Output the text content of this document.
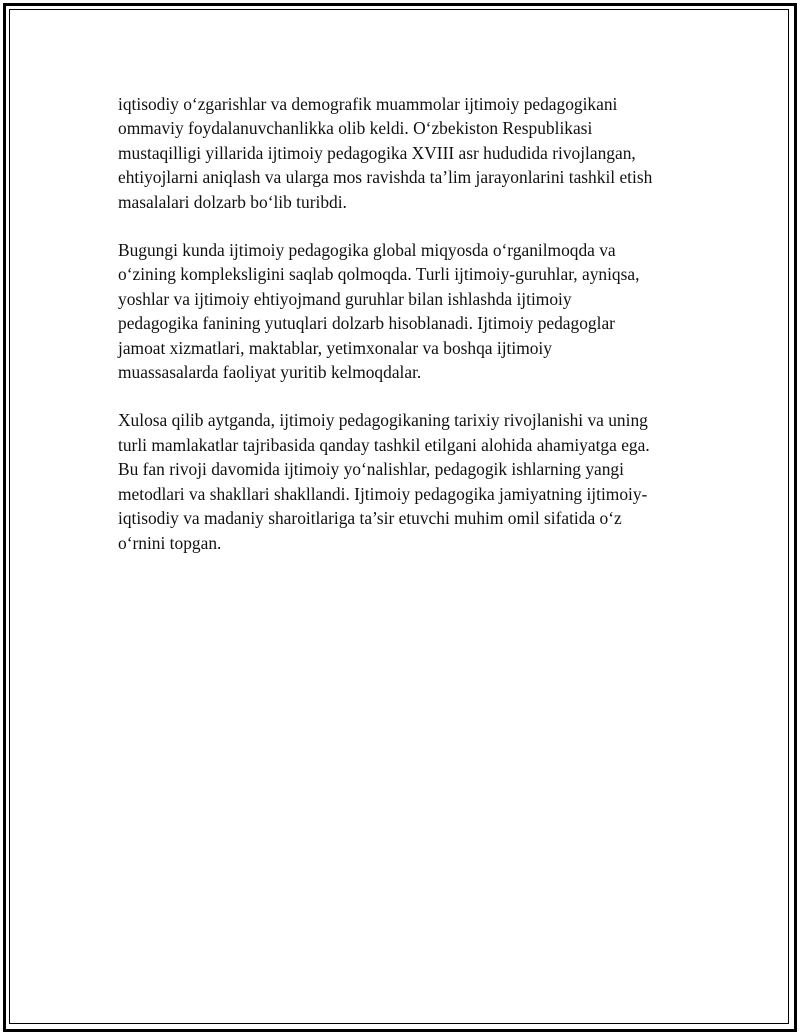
iqtisodiy o‘zgarishlar va demografik muammolar ijtimoiy pedagogikani
ommaviy foydalanuvchanlikka olib keldi. O‘zbekiston Respublikasi
mustaqilligi yillarida ijtimoiy pedagogika XVIII asr hududida rivojlangan,
ehtiyojlarni aniqlash va ularga mos ravishda ta’lim jarayonlarini tashkil etish
masalalari dolzarb bo‘lib turibdi.

Bugungi kunda ijtimoiy pedagogika global miqyosda o‘rganilmoqda va
o‘zining kompleksligini saqlab qolmoqda. Turli ijtimoiy-guruhlar, ayniqsa,
yoshlar va ijtimoiy ehtiyojmand guruhlar bilan ishlashda ijtimoiy
pedagogika fanining yutuqlari dolzarb hisoblanadi. Ijtimoiy pedagoglar
jamoat xizmatlari, maktablar, yetimxonalar va boshqa ijtimoiy
muassasalarda faoliyat yuritib kelmoqdalar.

Xulosa qilib aytganda, ijtimoiy pedagogikaning tarixiy rivojlanishi va uning
turli mamlakatlar tajribasida qanday tashkil etilgani alohida ahamiyatga ega.
Bu fan rivoji davomida ijtimoiy yo‘nalishlar, pedagogik ishlarning yangi
metodlari va shakllari shakllandi. Ijtimoiy pedagogika jamiyatning ijtimoiy-
iqtisodiy va madaniy sharoitlariga ta’sir etuvchi muhim omil sifatida o‘z
o‘rnini topgan.
